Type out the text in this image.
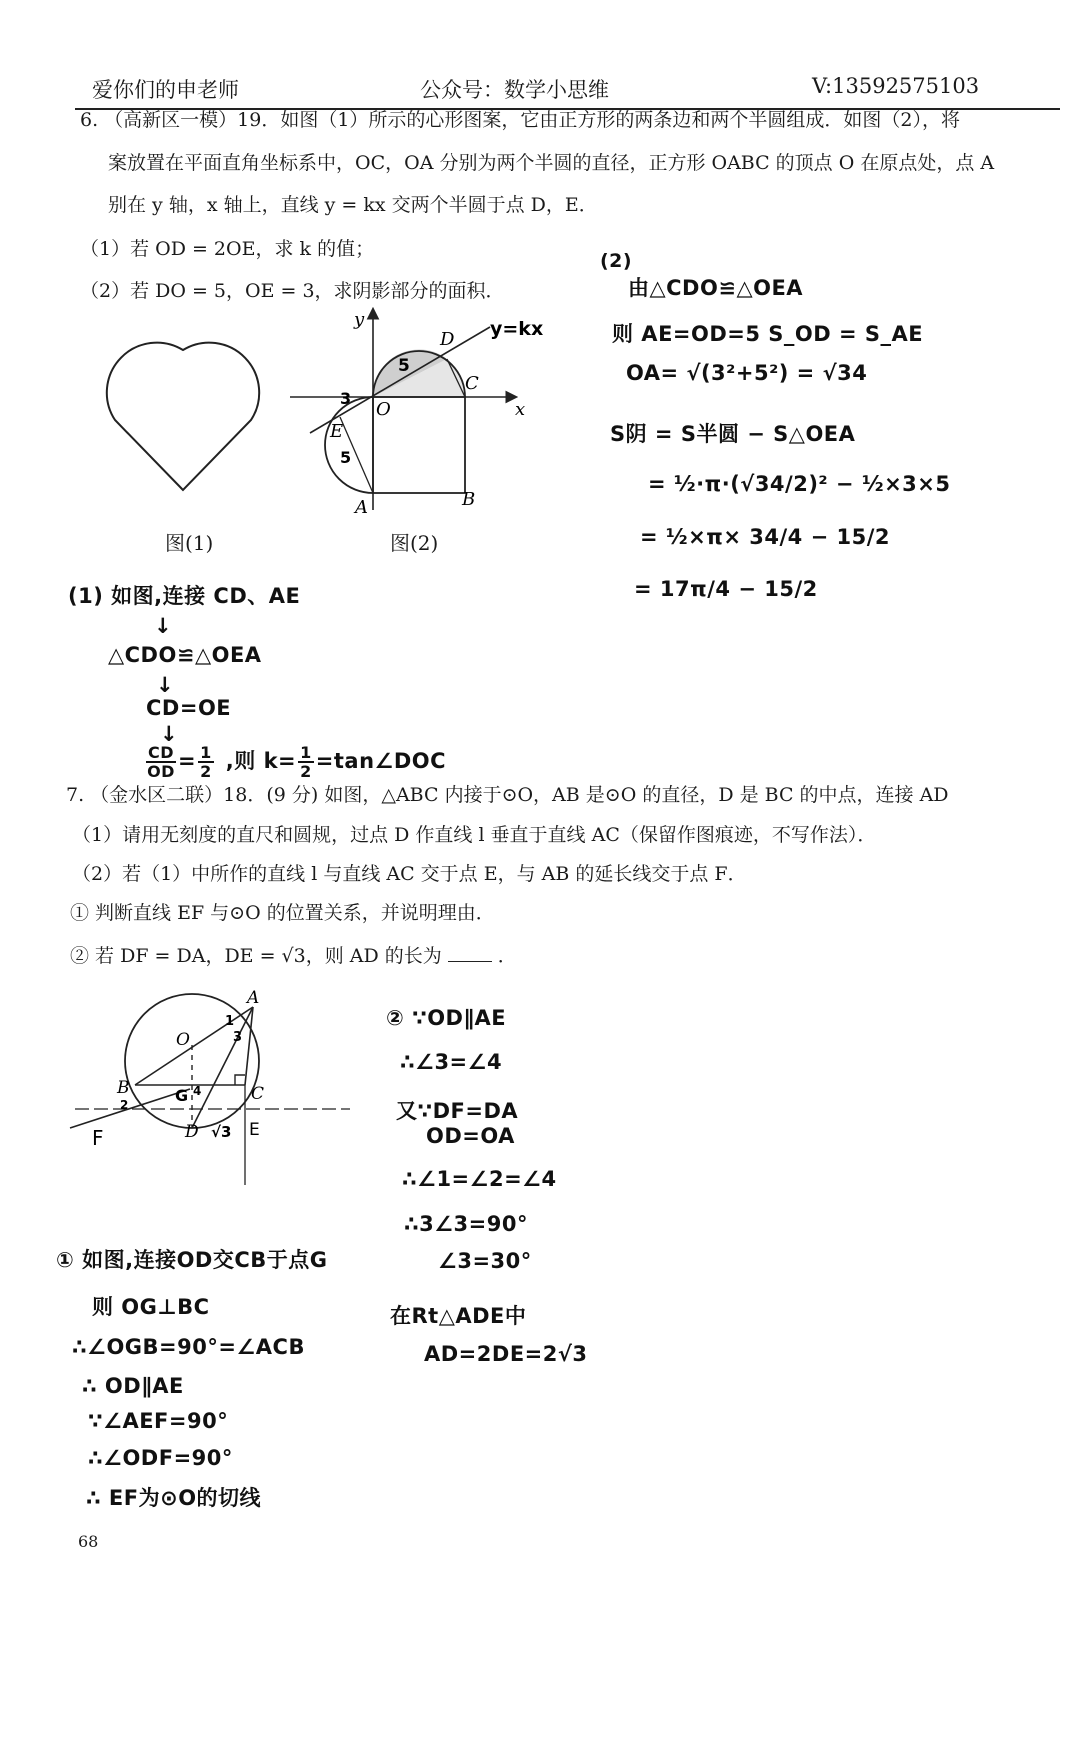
爱你们的申老师	公众号：数学小思维	V:13592575103
6. （高新区一模）19．如图（1）所示的心形图案，它由正方形的两条边和两个半圆组成．如图（2），将
案放置在平面直角坐标系中，OC，OA 分别为两个半圆的直径，正方形 OABC 的顶点 O 在原点处，点 A
别在 y 轴，x 轴上，直线 y = kx 交两个半圆于点 D，E．
（1）若 OD = 2OE，求 k 的值；
（2）若 DO = 5，OE = 3，求阴影部分的面积．
图(1)
y
x
D
C
E
O
A	B
y=kx
5
3
5
图(2)
(2)
由△CDO≌△OEA
则 AE=OD=5 S_OD = S_AE
OA= √(3²+5²) = √34
S阴 = S半圆 − S△OEA
= ½·π·(√34/2)² − ½×3×5
= ½×π× 34/4 − 15/2
= 17π/4 − 15/2
(1) 如图,连接 CD、AE
↓
△CDO≌△OEA
↓
CD=OE
↓
$\frac{CD}{OD} = \frac{1}{2}$ ,则 $k= \frac{1}{2}$ =tan∠DOC
7. （金水区二联）18．(9 分) 如图，△ABC 内接于⊙O，AB 是⊙O 的直径，D 是 BC 的中点，连接 AD
（1）请用无刻度的直尺和圆规，过点 D 作直线 l 垂直于直线 AC（保留作图痕迹，不写作法）．
（2）若（1）中所作的直线 l 与直线 AC 交于点 E，与 AB 的延长线交于点 F．
① 判断直线 EF 与⊙O 的位置关系，并说明理由．
② 若 DF = DA，DE = √3，则 AD 的长为	．
A
O
B	C
G
D	E
F	√3
1
3
4
2
② ∵OD∥AE
∴∠3=∠4
又∵DF=DA
OD=OA
∴∠1=∠2=∠4
∴3∠3=90°
∠3=30°
在Rt△ADE中
AD=2DE=2√3
① 如图,连接OD交CB于点G
则 OG⊥BC
∴∠OGB=90°=∠ACB
∴ OD∥AE
∵∠AEF=90°
∴∠ODF=90°
∴ EF为⊙O的切线
68
